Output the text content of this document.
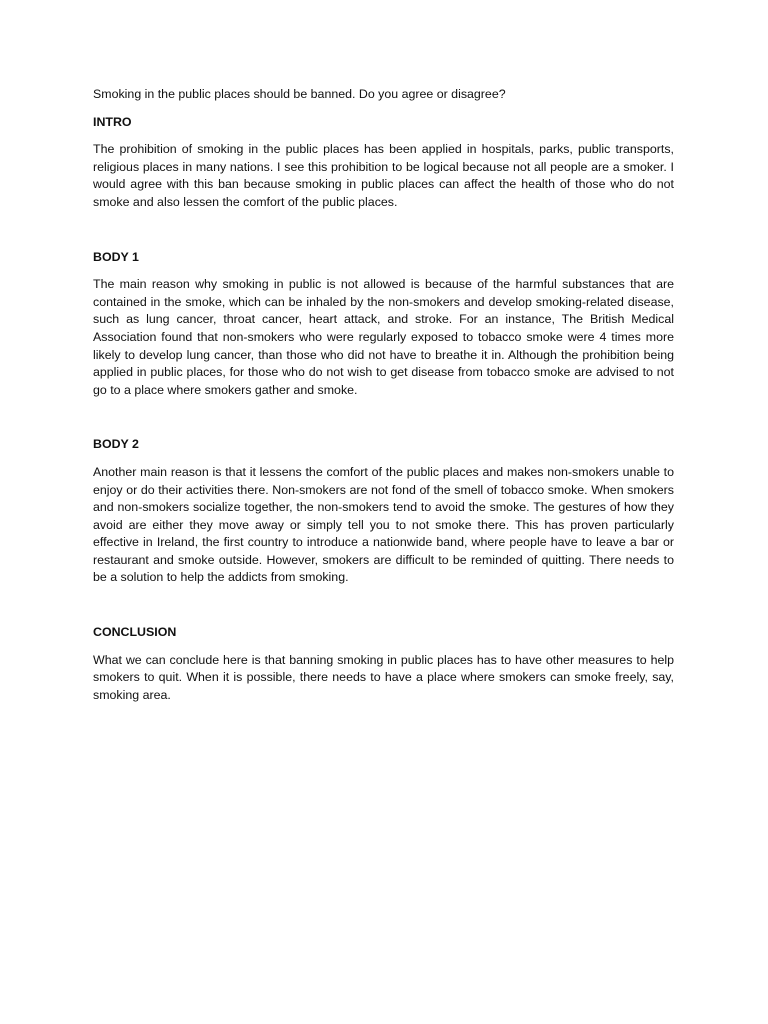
Smoking in the public places should be banned. Do you agree or disagree?

INTRO

The prohibition of smoking in the public places has been applied in hospitals, parks, public transports, religious places in many nations. I see this prohibition to be logical because not all people are a smoker. I would agree with this ban because smoking in public places can affect the health of those who do not smoke and also lessen the comfort of the public places.

BODY 1

The main reason why smoking in public is not allowed is because of the harmful substances that are contained in the smoke, which can be inhaled by the non-smokers and develop smoking-related disease, such as lung cancer, throat cancer, heart attack, and stroke. For an instance, The British Medical Association found that non-smokers who were regularly exposed to tobacco smoke were 4 times more likely to develop lung cancer, than those who did not have to breathe it in. Although the prohibition being applied in public places, for those who do not wish to get disease from tobacco smoke are advised to not go to a place where smokers gather and smoke.

BODY 2

Another main reason is that it lessens the comfort of the public places and makes non-smokers unable to enjoy or do their activities there. Non-smokers are not fond of the smell of tobacco smoke. When smokers and non-smokers socialize together, the non-smokers tend to avoid the smoke. The gestures of how they avoid are either they move away or simply tell you to not smoke there. This has proven particularly effective in Ireland, the first country to introduce a nationwide band, where people have to leave a bar or restaurant and smoke outside. However, smokers are difficult to be reminded of quitting. There needs to be a solution to help the addicts from smoking.

CONCLUSION

What we can conclude here is that banning smoking in public places has to have other measures to help smokers to quit. When it is possible, there needs to have a place where smokers can smoke freely, say, smoking area.
